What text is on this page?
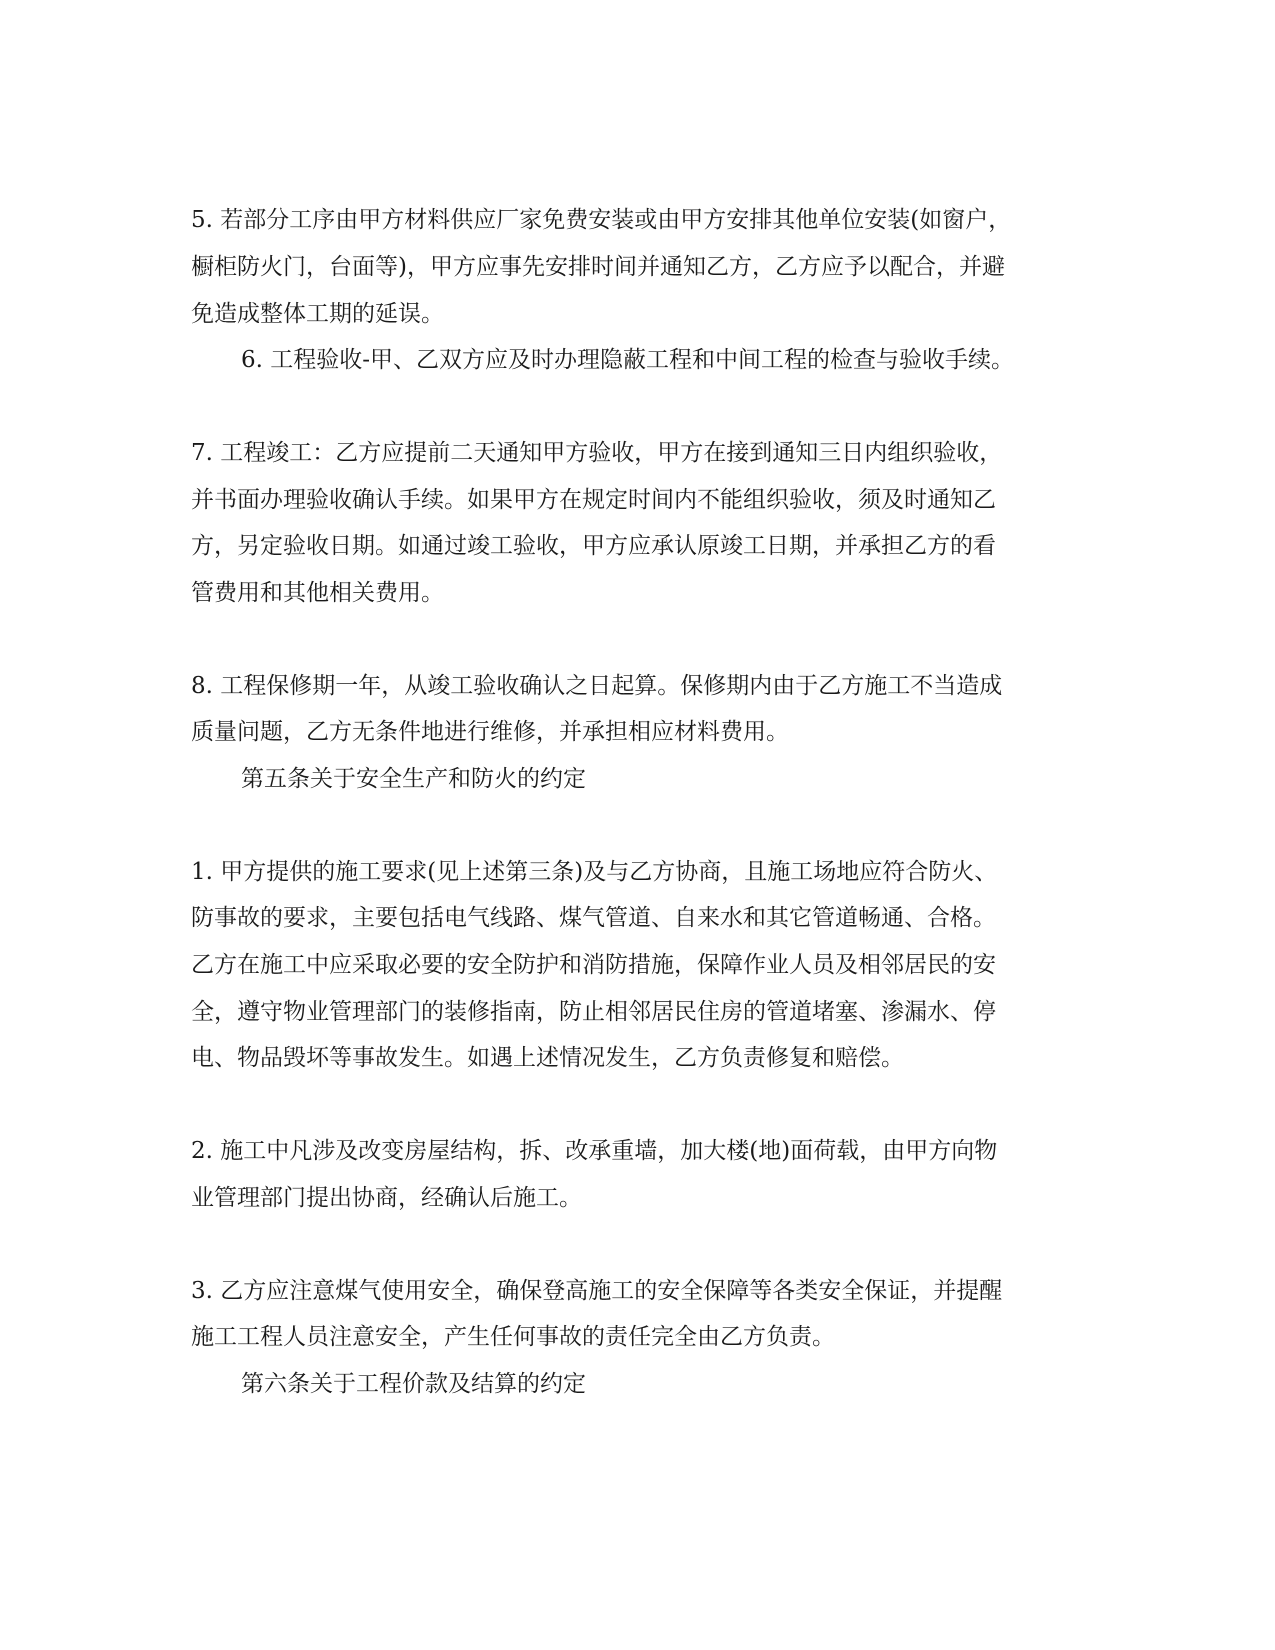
5. 若部分工序由甲方材料供应厂家免费安装或由甲方安排其他单位安装(如窗户，
橱柜防火门，台面等)，甲方应事先安排时间并通知乙方，乙方应予以配合，并避
免造成整体工期的延误。
6. 工程验收-甲、乙双方应及时办理隐蔽工程和中间工程的检查与验收手续。
7. 工程竣工：乙方应提前二天通知甲方验收，甲方在接到通知三日内组织验收，
并书面办理验收确认手续。如果甲方在规定时间内不能组织验收，须及时通知乙
方，另定验收日期。如通过竣工验收，甲方应承认原竣工日期，并承担乙方的看
管费用和其他相关费用。
8. 工程保修期一年，从竣工验收确认之日起算。保修期内由于乙方施工不当造成
质量问题，乙方无条件地进行维修，并承担相应材料费用。
第五条关于安全生产和防火的约定
1. 甲方提供的施工要求(见上述第三条)及与乙方协商，且施工场地应符合防火、
防事故的要求，主要包括电气线路、煤气管道、自来水和其它管道畅通、合格。
乙方在施工中应采取必要的安全防护和消防措施，保障作业人员及相邻居民的安
全，遵守物业管理部门的装修指南，防止相邻居民住房的管道堵塞、渗漏水、停
电、物品毁坏等事故发生。如遇上述情况发生，乙方负责修复和赔偿。
2. 施工中凡涉及改变房屋结构，拆、改承重墙，加大楼(地)面荷载，由甲方向物
业管理部门提出协商，经确认后施工。
3. 乙方应注意煤气使用安全，确保登高施工的安全保障等各类安全保证，并提醒
施工工程人员注意安全，产生任何事故的责任完全由乙方负责。
第六条关于工程价款及结算的约定
